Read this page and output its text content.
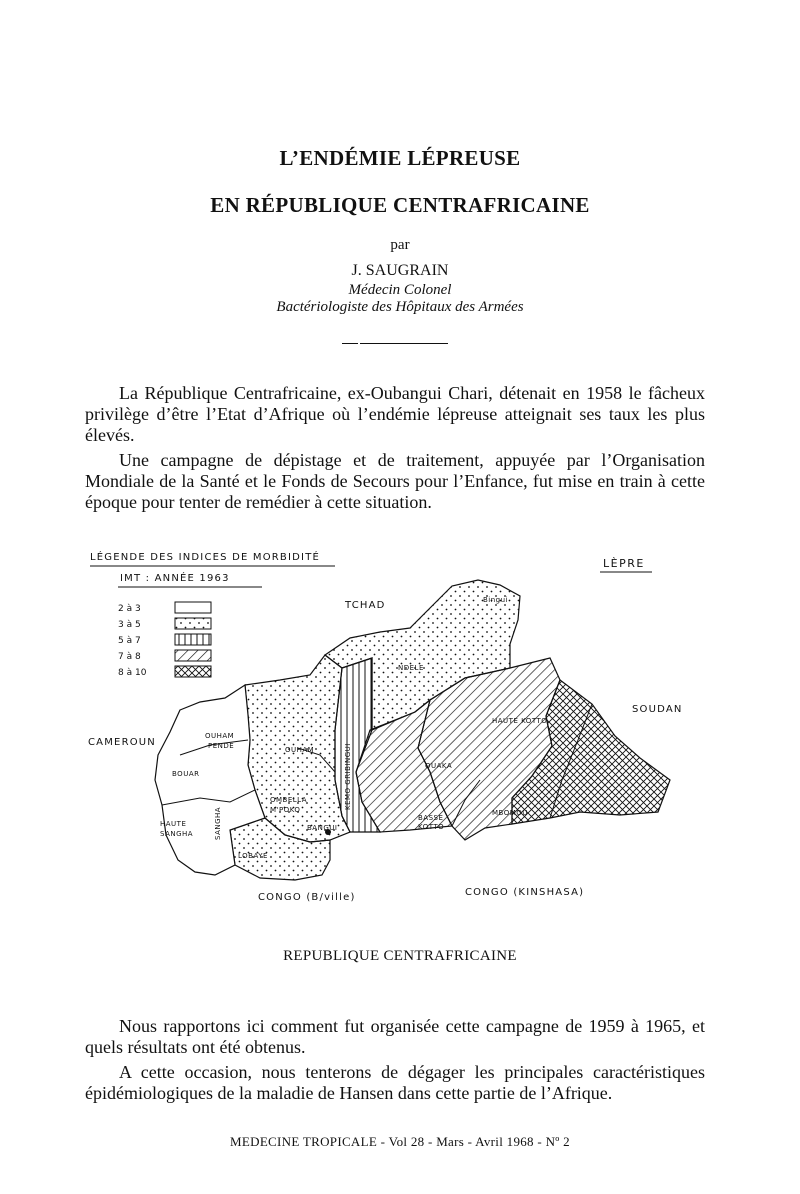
L’ENDÉMIE LÉPREUSE
EN RÉPUBLIQUE CENTRAFRICAINE
par
J. SAUGRAIN
Médecin Colonel
Bactériologiste des Hôpitaux des Armées
La République Centrafricaine, ex-Oubangui Chari, détenait en 1958 le fâcheux privilège d’être l’Etat d’Afrique où l’endémie lépreuse atteignait ses taux les plus élevés.
Une campagne de dépistage et de traitement, appuyée par l’Organisation Mondiale de la Santé et le Fonds de Secours pour l’Enfance, fut mise en train à cette époque pour tenter de remédier à cette situation.
LÉGENDE DES INDICES DE MORBIDITÉ
IMT : ANNÉE 1963
2 à 3
3 à 5
5 à 7
7 à 8
8 à 10
LÈPRE
TCHAD
SOUDAN
CAMEROUN
CONGO (B/ville)	CONGO (KINSHASA)
Bingui
NDELE
OUHAM
PENDE	OUHAM
BOUAR
OMBELLA
M'POKO
HAUTE
SANGHA
LOBAYE
OUAKA
BASSE
KOTTO
HAUTE KOTTO
MBOMOU
BANGUI
KEMO GRIBINGUI
SANGHA
REPUBLIQUE CENTRAFRICAINE
Nous rapportons ici comment fut organisée cette campagne de 1959 à 1965, et quels résultats ont été obtenus.
A cette occasion, nous tenterons de dégager les principales caractéristiques épidémiologiques de la maladie de Hansen dans cette partie de l’Afrique.
MEDECINE TROPICALE - Vol 28 - Mars - Avril 1968 - Nº 2
